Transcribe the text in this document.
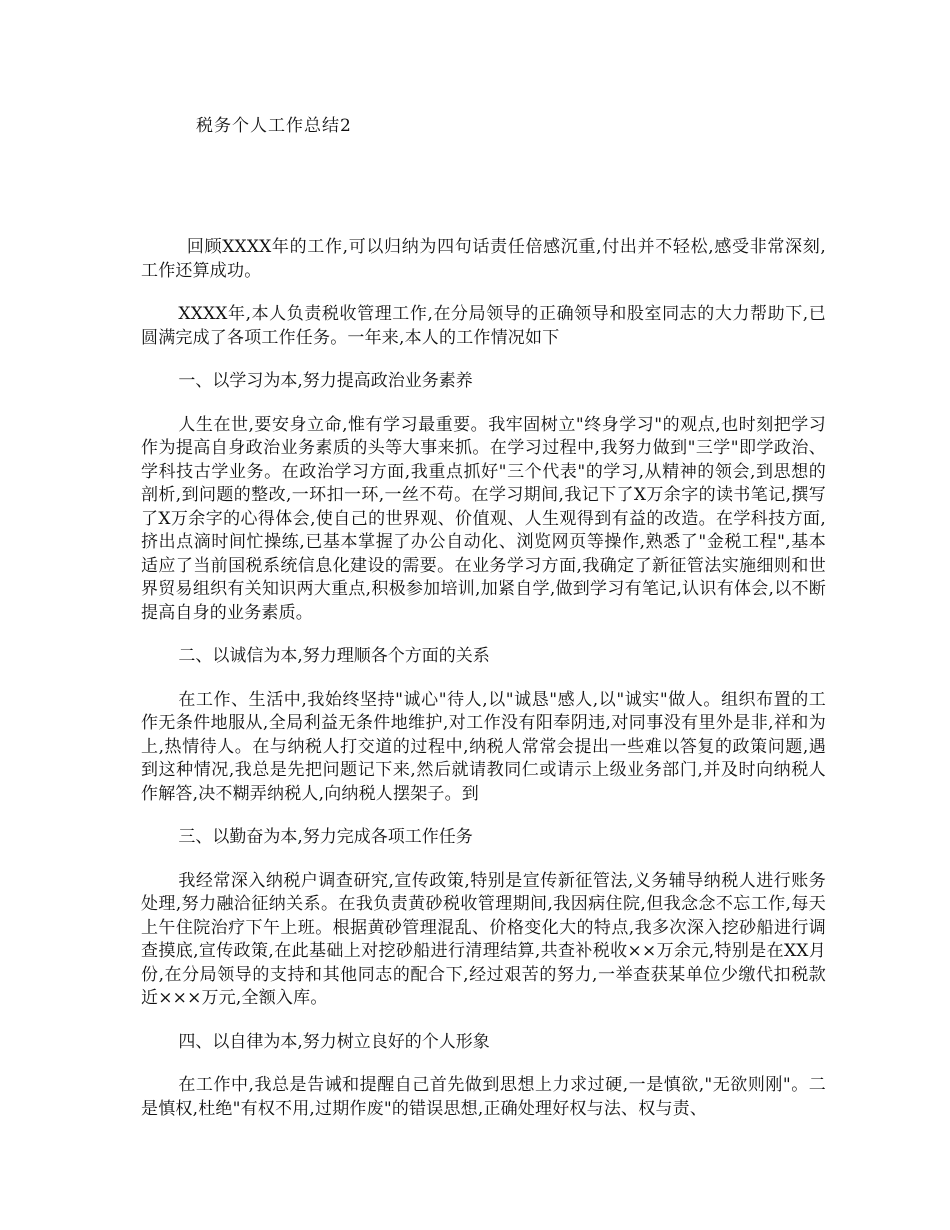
税务个人工作总结2

回顾XXXX年的工作,可以归纳为四句话责任倍感沉重,付出并不轻松,感受非常深刻,工作还算成功。

XXXX年,本人负责税收管理工作,在分局领导的正确领导和股室同志的大力帮助下,已圆满完成了各项工作任务。一年来,本人的工作情况如下

一、以学习为本,努力提高政治业务素养

人生在世,要安身立命,惟有学习最重要。我牢固树立"终身学习"的观点,也时刻把学习作为提高自身政治业务素质的头等大事来抓。在学习过程中,我努力做到"三学"即学政治、学科技古学业务。在政治学习方面,我重点抓好"三个代表"的学习,从精神的领会,到思想的剖析,到问题的整改,一环扣一环,一丝不苟。在学习期间,我记下了X万余字的读书笔记,撰写了X万余字的心得体会,使自己的世界观、价值观、人生观得到有益的改造。在学科技方面,挤出点滴时间忙操练,已基本掌握了办公自动化、浏览网页等操作,熟悉了"金税工程",基本适应了当前国税系统信息化建设的需要。在业务学习方面,我确定了新征管法实施细则和世界贸易组织有关知识两大重点,积极参加培训,加紧自学,做到学习有笔记,认识有体会,以不断提高自身的业务素质。

二、以诚信为本,努力理顺各个方面的关系

在工作、生活中,我始终坚持"诚心"待人,以"诚恳"感人,以"诚实"做人。组织布置的工作无条件地服从,全局利益无条件地维护,对工作没有阳奉阴违,对同事没有里外是非,祥和为上,热情待人。在与纳税人打交道的过程中,纳税人常常会提出一些难以答复的政策问题,遇到这种情况,我总是先把问题记下来,然后就请教同仁或请示上级业务部门,并及时向纳税人作解答,决不糊弄纳税人,向纳税人摆架子。到

三、以勤奋为本,努力完成各项工作任务

我经常深入纳税户调查研究,宣传政策,特别是宣传新征管法,义务辅导纳税人进行账务处理,努力融洽征纳关系。在我负责黄砂税收管理期间,我因病住院,但我念念不忘工作,每天上午住院治疗下午上班。根据黄砂管理混乱、价格变化大的特点,我多次深入挖砂船进行调查摸底,宣传政策,在此基础上对挖砂船进行清理结算,共查补税收××万余元,特别是在XX月份,在分局领导的支持和其他同志的配合下,经过艰苦的努力,一举查获某单位少缴代扣税款近×××万元,全额入库。

四、以自律为本,努力树立良好的个人形象

在工作中,我总是告诫和提醒自己首先做到思想上力求过硬,一是慎欲,"无欲则刚"。二是慎权,杜绝"有权不用,过期作废"的错误思想,正确处理好权与法、权与责、
